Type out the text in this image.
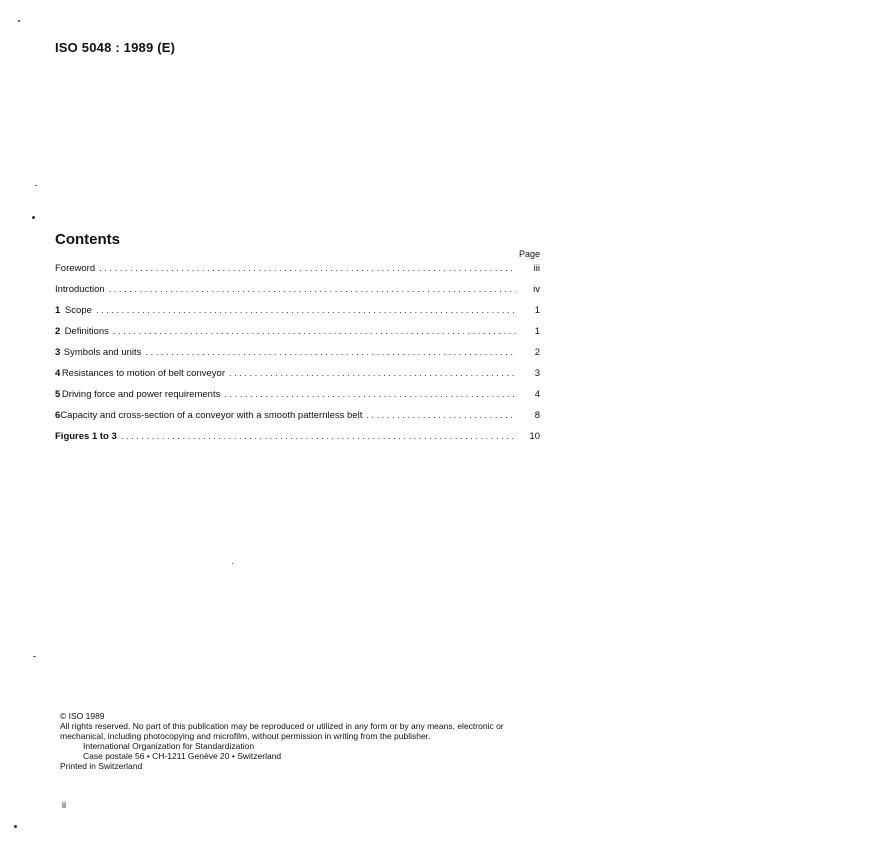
ISO 5048 : 1989 (E)
Contents
Page
Foreword .....	iii
Introduction .....	iv
1 Scope .....	1
2 Definitions .....	1
3 Symbols and units .....	2
4 Resistances to motion of belt conveyor .....	3
5 Driving force and power requirements .....	4
6 Capacity and cross-section of a conveyor with a smooth patternless belt .....	8
Figures 1 to 3 .....	10

© ISO 1989

All rights reserved. No part of this publication may be reproduced or utilized in any form or by any means, electronic or mechanical, including photocopying and microfilm, without permission in writing from the publisher.

International Organization for Standardization

Case postale 56 • CH-1211 Genève 20 • Switzerland

Printed in Switzerland

ii
